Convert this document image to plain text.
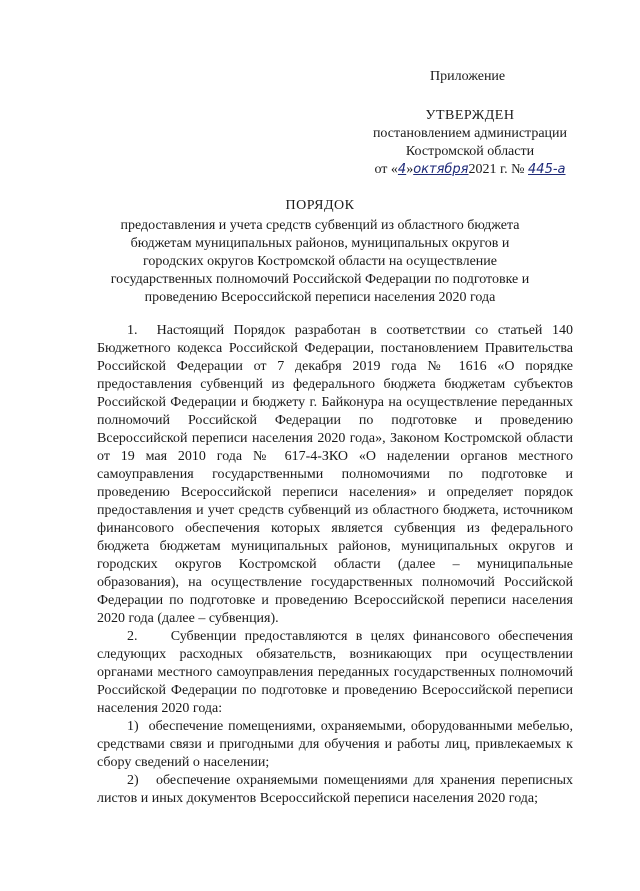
Приложение
УТВЕРЖДЕН
постановлением администрации
Костромской области
от «4»октября2021 г. № 445-а
ПОРЯДОК
предоставления и учета средств субвенций из областного бюджета бюджетам муниципальных районов, муниципальных округов и городских округов Костромской области на осуществление государственных полномочий Российской Федерации по подготовке и проведению Всероссийской переписи населения 2020 года

1.  Настоящий Порядок разработан в соответствии со статьей 140 Бюджетного кодекса Российской Федерации, постановлением Правительства Российской Федерации от 7 декабря 2019 года № 1616 «О порядке предоставления субвенций из федерального бюджета бюджетам субъектов Российской Федерации и бюджету г. Байконура на осуществление переданных полномочий Российской Федерации по подготовке и проведению Всероссийской переписи населения 2020 года», Законом Костромской области от 19 мая 2010 года № 617-4-ЗКО «О наделении органов местного самоуправления государственными полномочиями по подготовке и проведению Всероссийской переписи населения» и определяет порядок предоставления и учет средств субвенций из областного бюджета, источником финансового обеспечения которых является субвенция из федерального бюджета бюджетам муниципальных районов, муниципальных округов и городских округов Костромской области (далее – муниципальные образования), на осуществление государственных полномочий Российской Федерации по подготовке и проведению Всероссийской переписи населения 2020 года (далее – субвенция).

2.    Субвенции предоставляются в целях финансового обеспечения следующих расходных обязательств, возникающих при осуществлении органами местного самоуправления переданных государственных полномочий Российской Федерации по подготовке и проведению Всероссийской переписи населения 2020 года:

1)  обеспечение помещениями, охраняемыми, оборудованными мебелью, средствами связи и пригодными для обучения и работы лиц, привлекаемых к сбору сведений о населении;

2)   обеспечение охраняемыми помещениями для хранения переписных листов и иных документов Всероссийской переписи населения 2020 года;
